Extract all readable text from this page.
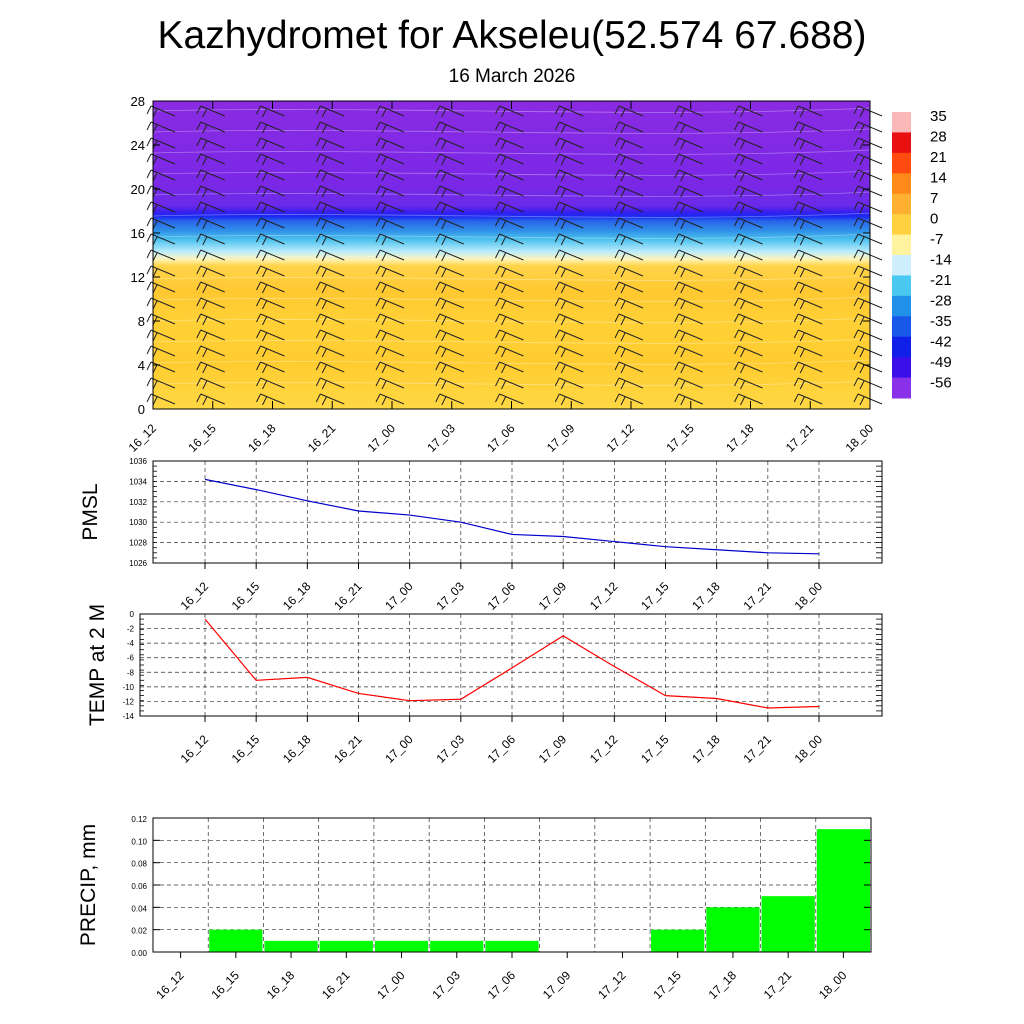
Kazhydromet for Akseleu(52.574 67.688)
16 March 2026
0
4
8
12
16
20
24
28
16_12 16_15 16_18 16_21 17_00 17_03 17_06 17_09 17_12 17_15 17_18 17_21 18_00
35
28
21
14
7
0
-7
-14
-21
-28
-35
-42
-49
-56
1026
1028
1030
1032
1034
1036
16_12 16_15 16_18 16_21 17_00 17_03 17_06 17_09 17_12 17_15 17_18 17_21 18_00
PMSL
0
-2
-4
-6
-8
-10
-12
-14
16_12 16_15 16_18 16_21 17_00 17_03 17_06 17_09 17_12 17_15 17_18 17_21 18_00
TEMP at 2 M
16_12 16_15 16_18 16_21 17_00 17_03 17_06 17_09 17_12 17_15 17_18 17_21 18_00
0.00
0.02
0.04
0.06
0.08
0.10
0.12
PRECIP, mm
